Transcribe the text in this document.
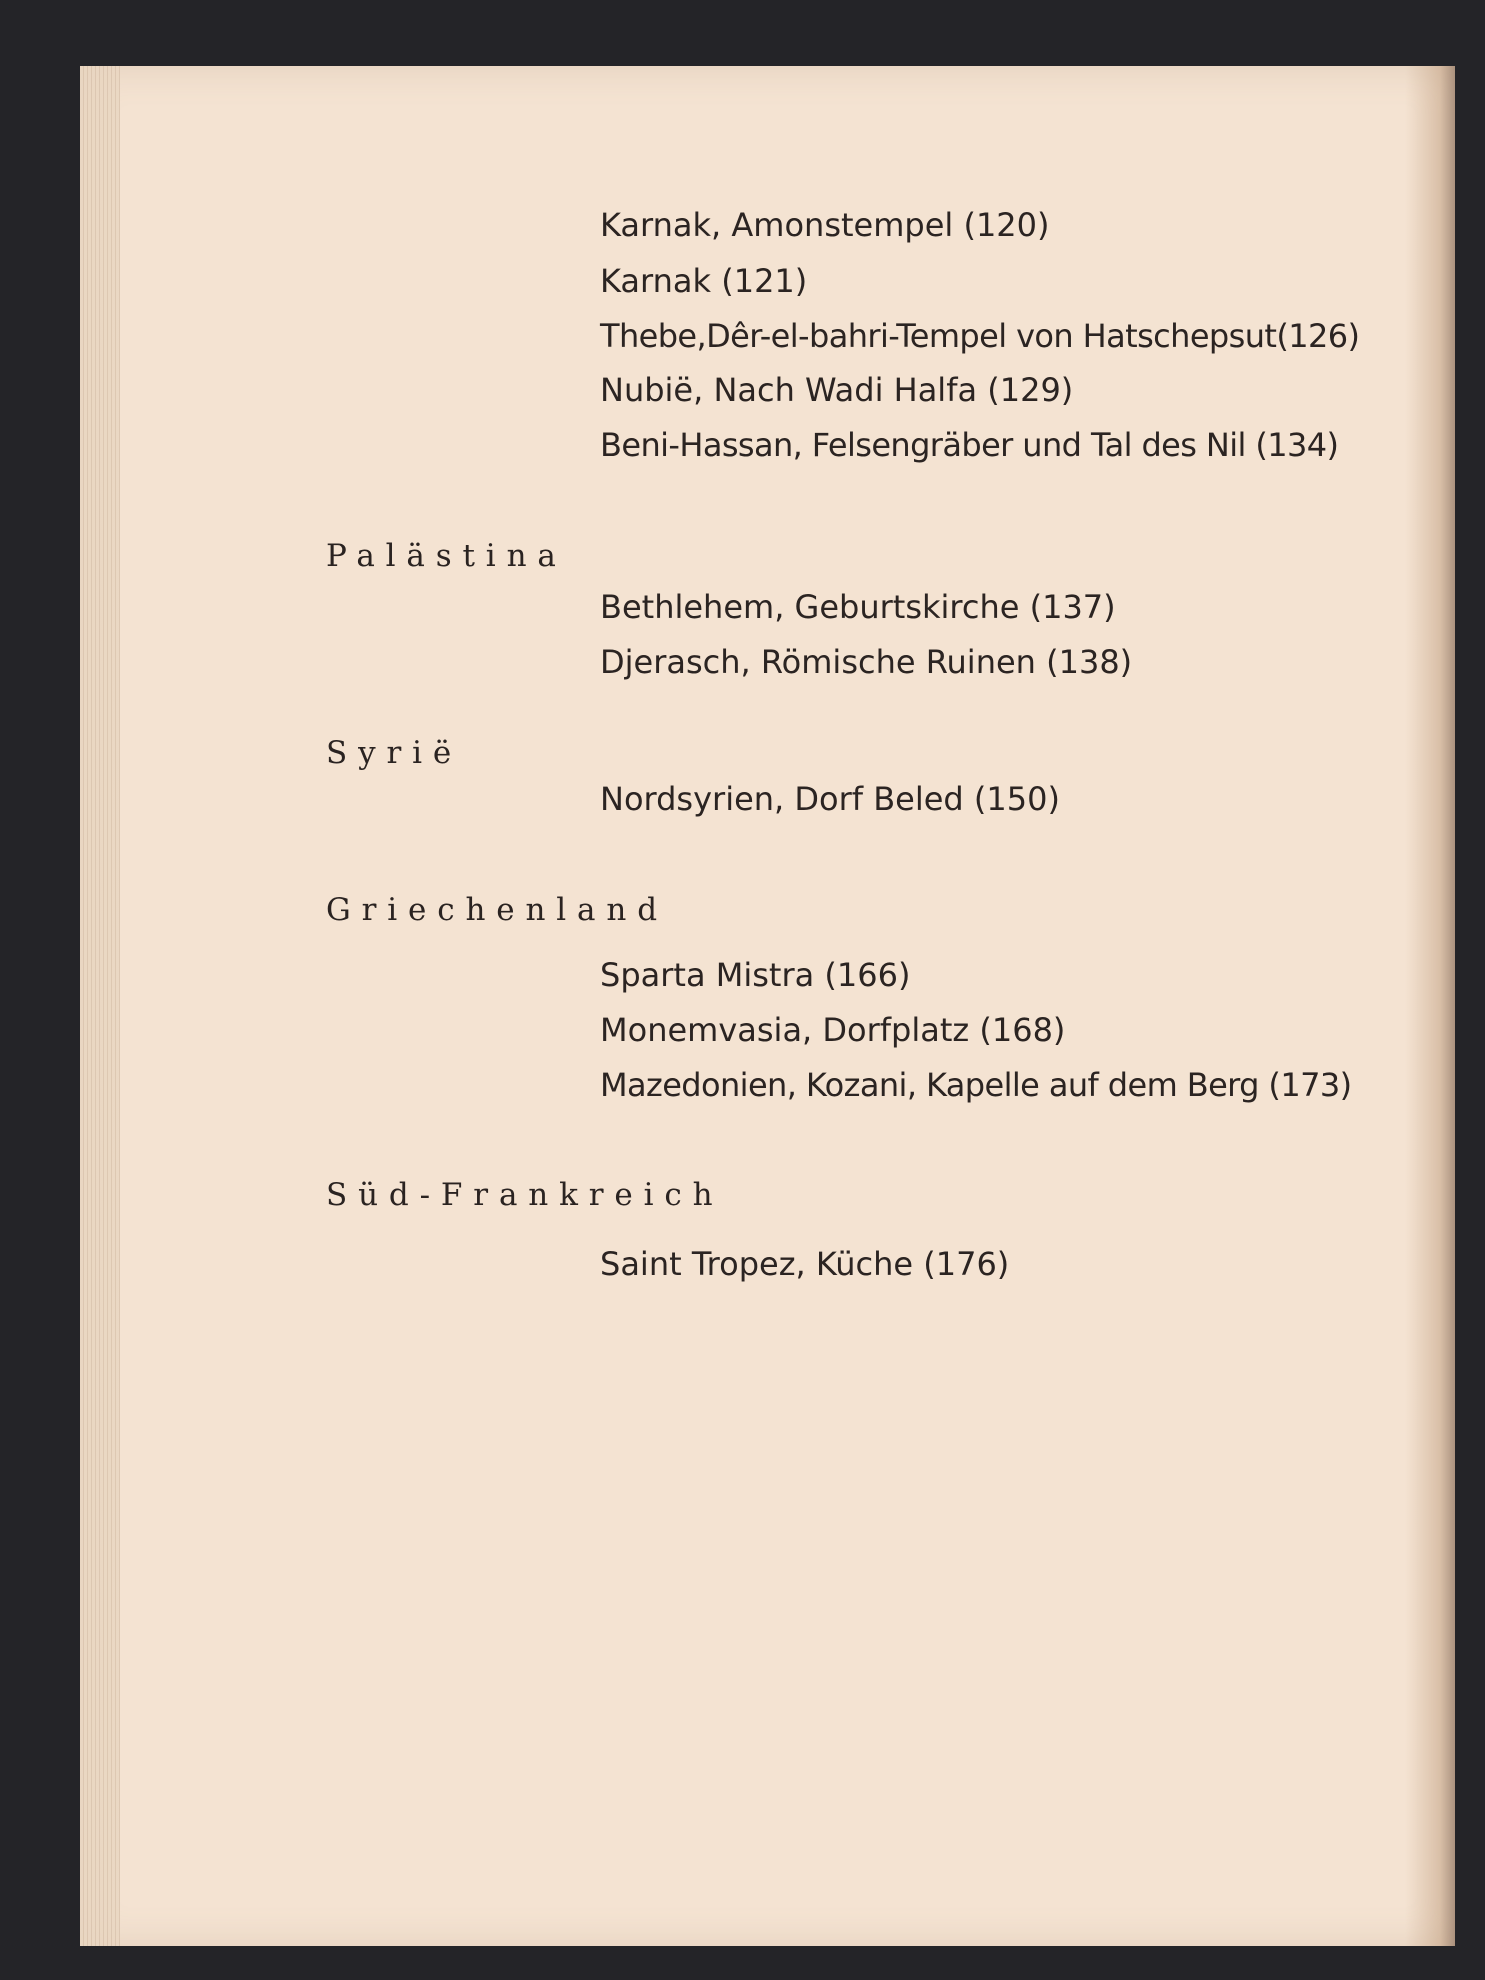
Karnak, Amonstempel (120)
Karnak (121)
Thebe,Dêr-el-bahri-Tempel von Hatschepsut(126)
Nubië, Nach Wadi Halfa (129)
Beni-Hassan, Felsengräber und Tal des Nil (134)
Palästina
Bethlehem, Geburtskirche (137)
Djerasch, Römische Ruinen (138)
Syrië
Nordsyrien, Dorf Beled (150)
Griechenland
Sparta Mistra (166)
Monemvasia, Dorfplatz (168)
Mazedonien, Kozani, Kapelle auf dem Berg (173)
Süd-Frankreich
Saint Tropez, Küche (176)
